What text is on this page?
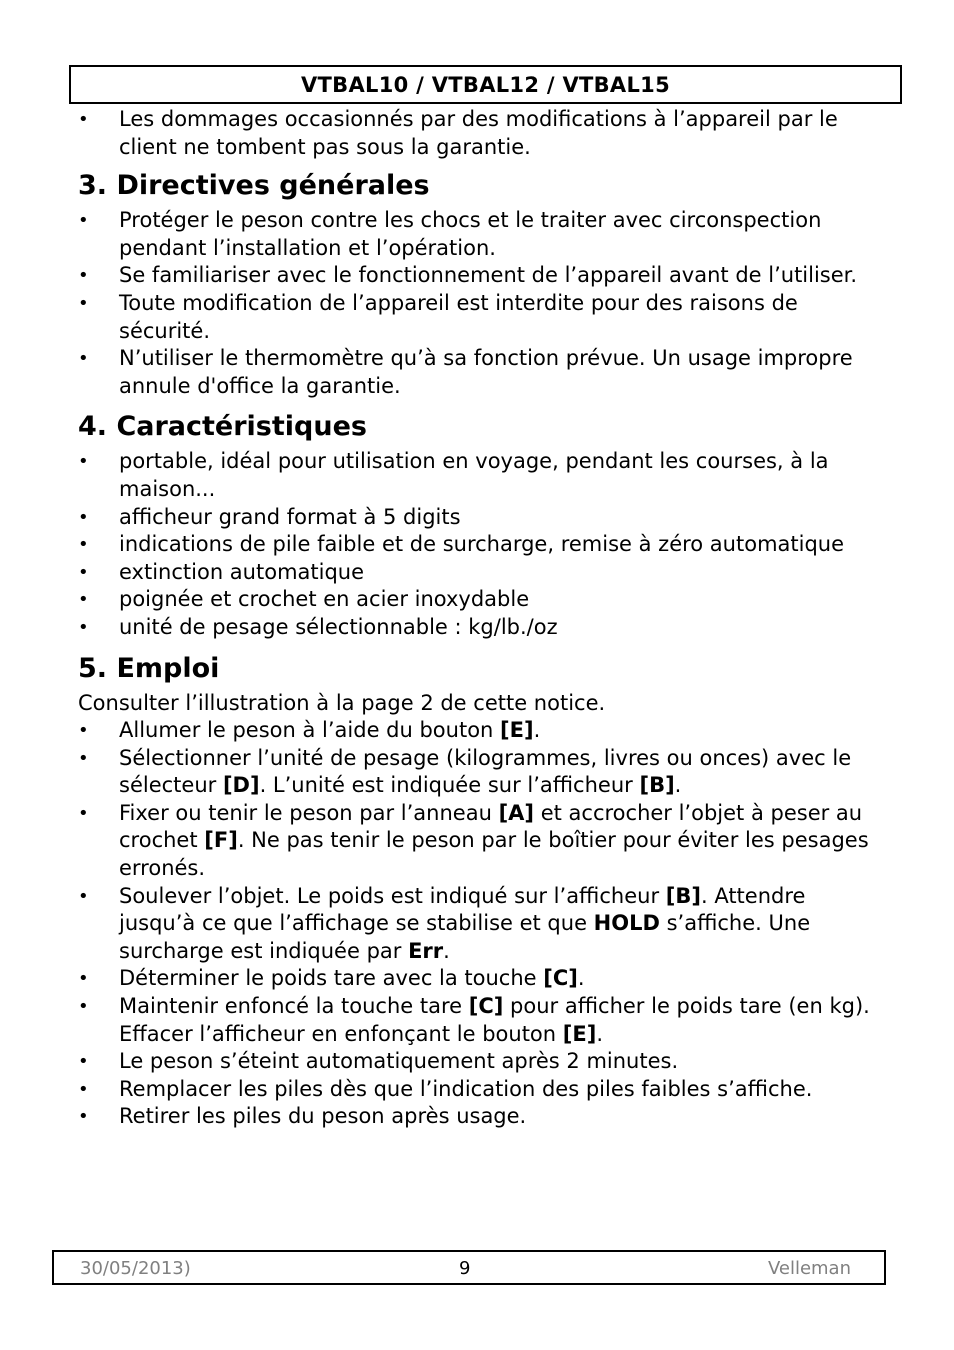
VTBAL10 / VTBAL12 / VTBAL15
• Les dommages occasionnés par des modifications à l’appareil par le client ne tombent pas sous la garantie.
3. Directives générales
• Protéger le peson contre les chocs et le traiter avec circonspection pendant l’installation et l’opération.
• Se familiariser avec le fonctionnement de l’appareil avant de l’utiliser.
• Toute modification de l’appareil est interdite pour des raisons de sécurité.
• N’utiliser le thermomètre qu’à sa fonction prévue. Un usage impropre annule d'office la garantie.
4. Caractéristiques
• portable, idéal pour utilisation en voyage, pendant les courses, à la maison...
• afficheur grand format à 5 digits
• indications de pile faible et de surcharge, remise à zéro automatique
• extinction automatique
• poignée et crochet en acier inoxydable
• unité de pesage sélectionnable : kg/lb./oz
5. Emploi

Consulter l’illustration à la page 2 de cette notice.

• Allumer le peson à l’aide du bouton [E].
• Sélectionner l’unité de pesage (kilogrammes, livres ou onces) avec le sélecteur [D]. L’unité est indiquée sur l’afficheur [B].
• Fixer ou tenir le peson par l’anneau [A] et accrocher l’objet à peser au crochet [F]. Ne pas tenir le peson par le boîtier pour éviter les pesages erronés.
• Soulever l’objet. Le poids est indiqué sur l’afficheur [B]. Attendre jusqu’à ce que l’affichage se stabilise et que HOLD s’affiche. Une surcharge est indiquée par Err.
• Déterminer le poids tare avec la touche [C].
• Maintenir enfoncé la touche tare [C] pour afficher le poids tare (en kg). Effacer l’afficheur en enfonçant le bouton [E].
• Le peson s’éteint automatiquement après 2 minutes.
• Remplacer les piles dès que l’indication des piles faibles s’affiche.
• Retirer les piles du peson après usage.
30/05/2013)	9	Velleman
